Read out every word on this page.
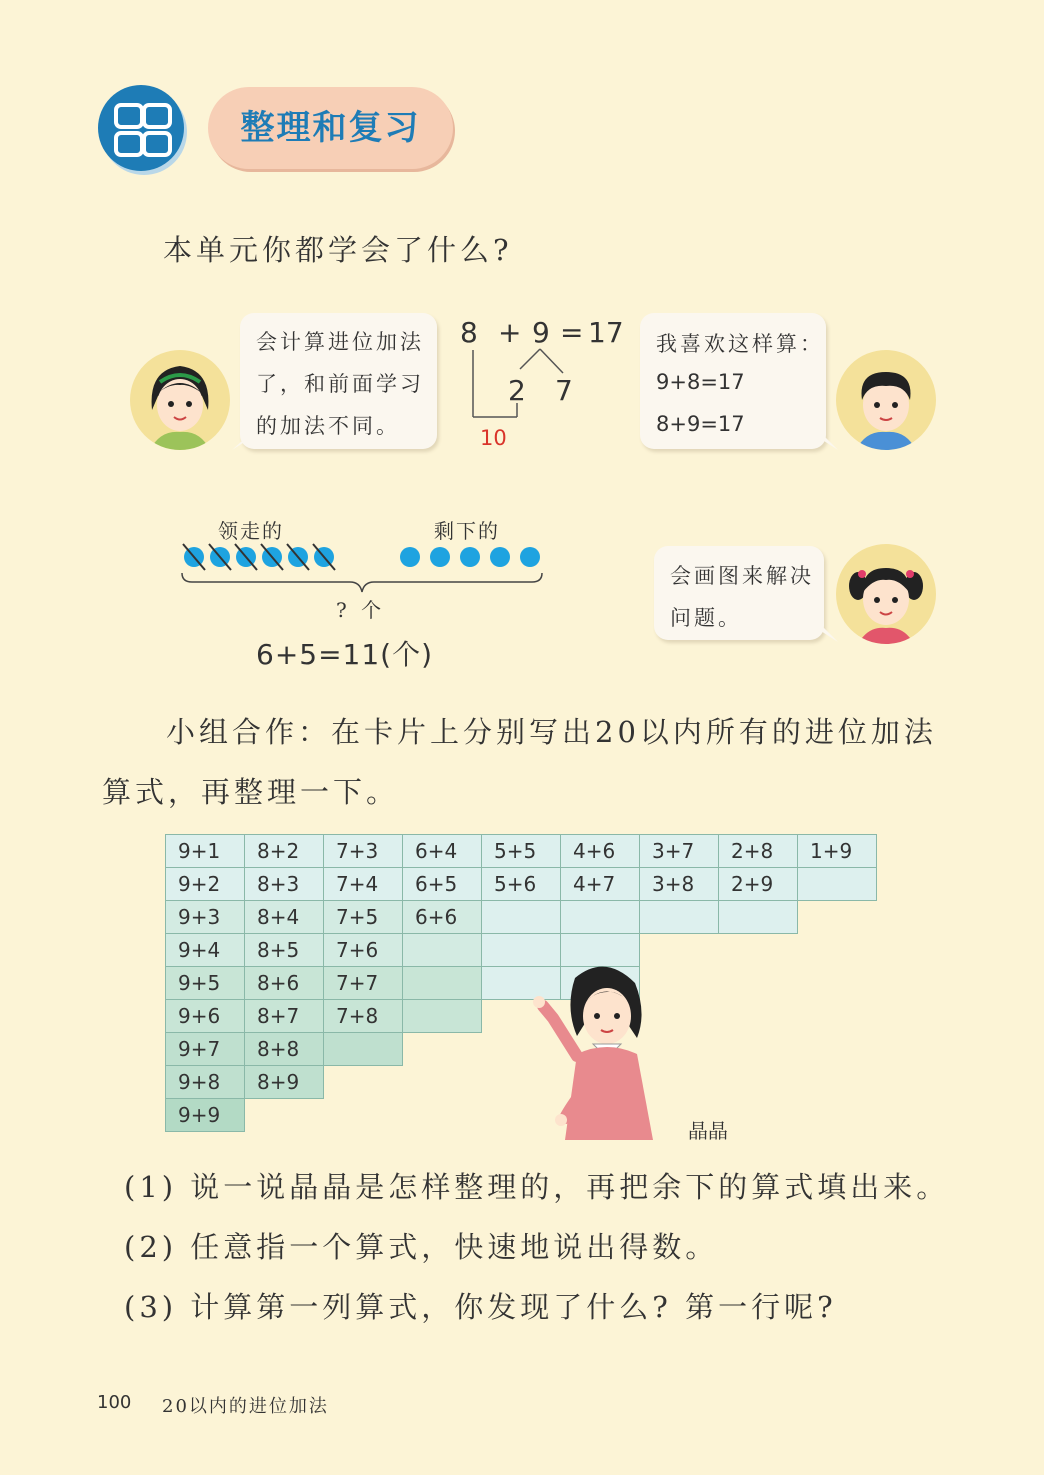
整理和复习
本单元你都学会了什么?
会计算进位加法
了，和前面学习
的加法不同。
8 + 9 = 17
2 7
10
我喜欢这样算：
9+8=17
8+9=17
领走的	剩下的
? 个
6+5=11(个)
会画图来解决
问题。
小组合作：在卡片上分别写出20以内所有的进位加法
算式，再整理一下。
9+1	8+2	7+3	6+4	5+5	4+6	3+7	2+8	1+9
9+2	8+3	7+4	6+5	5+6	4+7	3+8	2+9	
9+3	8+4	7+5	6+6					
9+4	8+5	7+6						
9+5	8+6	7+7						
9+6	8+7	7+8						
9+7	8+8							
9+8	8+9							
9+9								
晶晶
(1) 说一说晶晶是怎样整理的，再把余下的算式填出来。
(2) 任意指一个算式，快速地说出得数。
(3) 计算第一列算式，你发现了什么? 第一行呢?
100 20以内的进位加法
